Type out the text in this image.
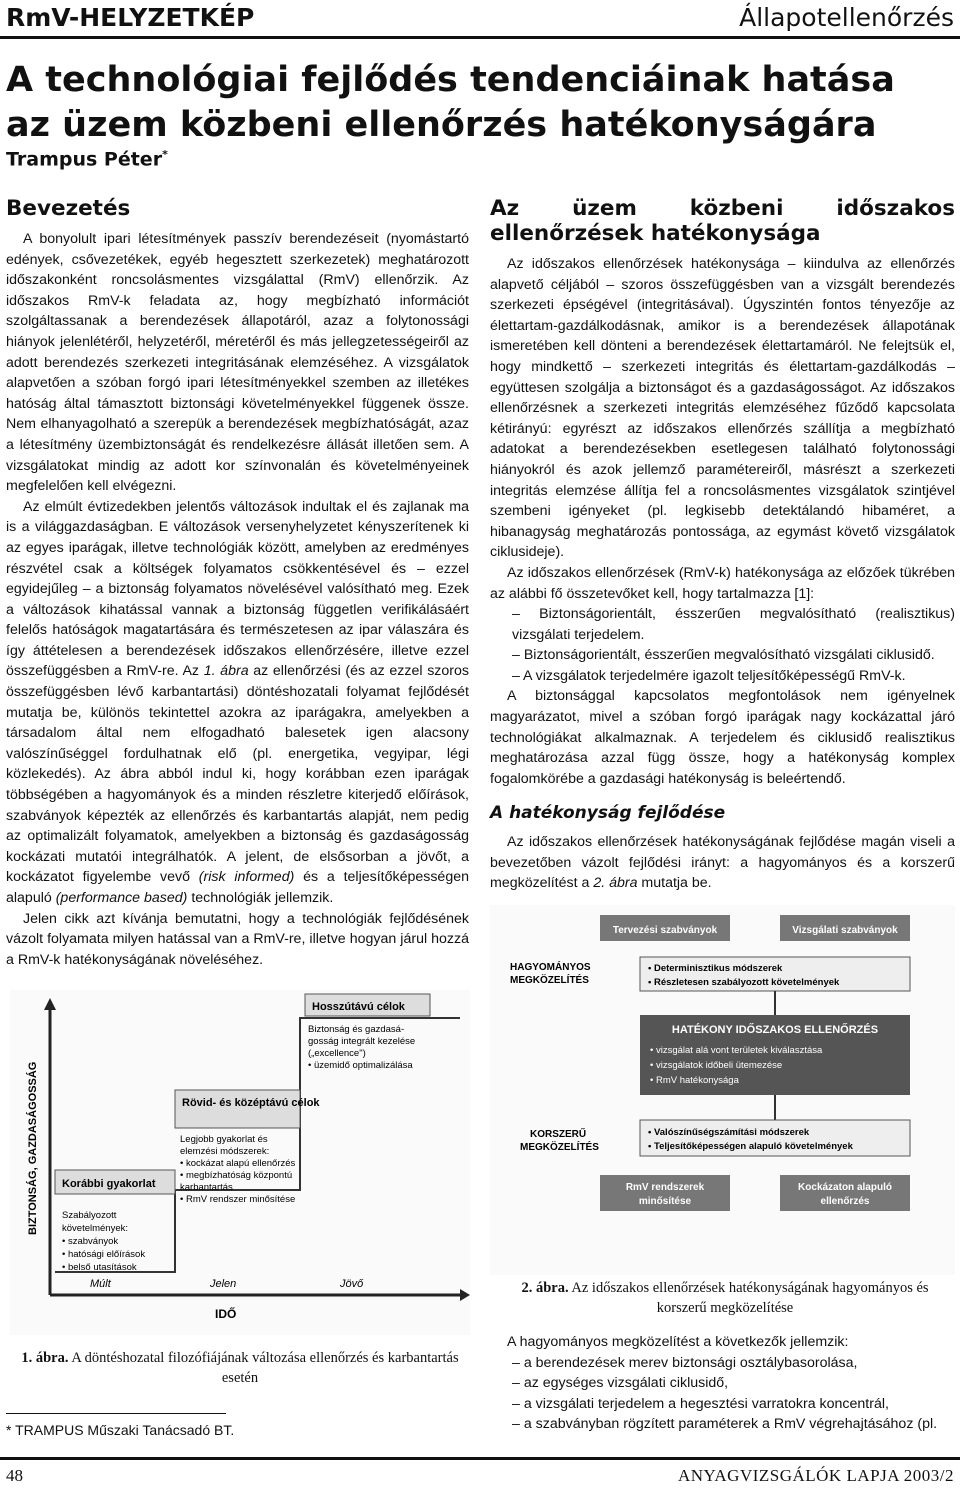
RmV-HELYZETKÉP	Állapotellenőrzés
A technológiai fejlődés tendenciáinak hatása az üzem közbeni ellenőrzés hatékonyságára
Trampus Péter*
Bevezetés

A bonyolult ipari létesítmények passzív berendezéseit (nyomástartó edények, csővezetékek, egyéb hegesztett szerkezetek) meghatározott időszakonként roncsolásmentes vizsgálattal (RmV) ellenőrzik. Az időszakos RmV-k feladata az, hogy megbízható információt szolgáltassanak a berendezések állapotáról, azaz a folytonossági hiányok jelenlétéről, helyzetéről, méretéről és más jellegzetességeiről az adott berendezés szerkezeti integritásának elemzéséhez. A vizsgálatok alapvetően a szóban forgó ipari létesítményekkel szemben az illetékes hatóság által támasztott biztonsági követelményekkel függenek össze. Nem elhanyagolható a szerepük a berendezések megbízhatóságát, azaz a létesítmény üzembiztonságát és rendelkezésre állását illetően sem. A vizsgálatokat mindig az adott kor színvonalán és követelményeinek megfelelően kell elvégezni.

Az elmúlt évtizedekben jelentős változások indultak el és zajlanak ma is a világgazdaságban. E változások versenyhelyzetet kényszerítenek ki az egyes iparágak, illetve technológiák között, amelyben az eredményes részvétel csak a költségek folyamatos csökkentésével és – ezzel egyidejűleg – a biztonság folyamatos növelésével valósítható meg. Ezek a változások kihatással vannak a biztonság független verifikálásáért felelős hatóságok magatartására és természetesen az ipar válaszára és így áttételesen a berendezések időszakos ellenőrzésére, illetve ezzel összefüggésben a RmV-re. Az 1. ábra az ellenőrzési (és az ezzel szoros összefüggésben lévő karbantartási) döntéshozatali folyamat fejlődését mutatja be, különös tekintettel azokra az iparágakra, amelyekben a társadalom által nem elfogadható balesetek igen alacsony valószínűséggel fordulhatnak elő (pl. energetika, vegyipar, légi közlekedés). Az ábra abból indul ki, hogy korábban ezen iparágak többségében a hagyományok és a minden részletre kiterjedő előírások, szabványok képezték az ellenőrzés és karbantartás alapját, nem pedig az optimalizált folyamatok, amelyekben a biztonság és gazdaságosság kockázati mutatói integrálhatók. A jelent, de elsősorban a jövőt, a kockázatot figyelembe vevő (risk informed) és a teljesítőképességen alapuló (performance based) technológiák jellemzik.

Jelen cikk azt kívánja bemutatni, hogy a technológiák fejlődésének vázolt folyamata milyen hatással van a RmV-re, illetve hogyan járul hozzá a RmV-k hatékonyságának növeléséhez.

BIZTONSÁG, GAZDASÁGOSSÁG
IDŐ
Múlt	Jelen	Jövő
Korábbi gyakorlat
Szabályozott
követelmények:
• szabványok
• hatósági előírások
• belső utasítások
Rövid- és középtávú célok
Legjobb gyakorlat és
elemzési módszerek:
• kockázat alapú ellenőrzés
• megbízhatóság központú
karbantartás
• RmV rendszer minősítése
Hosszútávú célok
Biztonság és gazdasá-
gosság integrált kezelése
(„excellence")
• üzemidő optimalizálása
1. ábra. A döntéshozatal filozófiájának változása ellenőrzés és karbantartás esetén
* TRAMPUS Műszaki Tanácsadó BT.
Az üzem közbeni időszakos ellenőrzések hatékonysága

Az időszakos ellenőrzések hatékonysága – kiindulva az ellenőrzés alapvető céljából – szoros összefüggésben van a vizsgált berendezés szerkezeti épségével (integritásával). Úgyszintén fontos tényezője az élettartam-gazdálkodásnak, amikor is a berendezések állapotának ismeretében kell dönteni a berendezések élettartamáról. Ne felejtsük el, hogy mindkettő – szerkezeti integritás és élettartam-gazdálkodás – együttesen szolgálja a biztonságot és a gazdaságosságot. Az időszakos ellenőrzésnek a szerkezeti integritás elemzéséhez fűződő kapcsolata kétirányú: egyrészt az időszakos ellenőrzés szállítja a megbízható adatokat a berendezésekben esetlegesen található folytonossági hiányokról és azok jellemző paramétereiről, másrészt a szerkezeti integritás elemzése állítja fel a roncsolásmentes vizsgálatok szintjével szembeni igényeket (pl. legkisebb detektálandó hibaméret, a hibanagyság meghatározás pontossága, az egymást követő vizsgálatok ciklusideje).

Az időszakos ellenőrzések (RmV-k) hatékonysága az előzőek tükrében az alábbi fő összetevőket kell, hogy tartalmazza [1]:

– Biztonságorientált, ésszerűen megvalósítható (realisztikus) vizsgálati terjedelem.

– Biztonságorientált, ésszerűen megvalósítható vizsgálati ciklusidő.

– A vizsgálatok terjedelmére igazolt teljesítőképességű RmV-k.

A biztonsággal kapcsolatos megfontolások nem igényelnek magyarázatot, mivel a szóban forgó iparágak nagy kockázattal járó technológiákat alkalmaznak. A terjedelem és ciklusidő realisztikus meghatározása azzal függ össze, hogy a hatékonyság komplex fogalomkörébe a gazdasági hatékonyság is beleértendő.

A hatékonyság fejlődése

Az időszakos ellenőrzések hatékonyságának fejlődése magán viseli a bevezetőben vázolt fejlődési irányt: a hagyományos és a korszerű megközelítést a 2. ábra mutatja be.

Tervezési szabványok	Vizsgálati szabványok
HAGYOMÁNYOS
MEGKÖZELÍTÉS
• Determinisztikus módszerek
• Részletesen szabályozott követelmények
HATÉKONY IDŐSZAKOS ELLENŐRZÉS
• vizsgálat alá vont területek kiválasztása
• vizsgálatok időbeli ütemezése
• RmV hatékonysága
KORSZERŰ
MEGKÖZELÍTÉS
• Valószínűségszámítási módszerek
• Teljesítőképességen alapuló követelmények
RmV rendszerek
minősítése
Kockázaton alapuló
ellenőrzés
2. ábra. Az időszakos ellenőrzések hatékonyságának hagyományos és korszerű megközelítése

A hagyományos megközelítést a következők jellemzik:

– a berendezések merev biztonsági osztálybasorolása,

– az egységes vizsgálati ciklusidő,

– a vizsgálati terjedelem a hegesztési varratokra koncentrál,

– a szabványban rögzített paraméterek a RmV végrehajtásához (pl.

48	ANYAGVIZSGÁLÓK LAPJA 2003/2
